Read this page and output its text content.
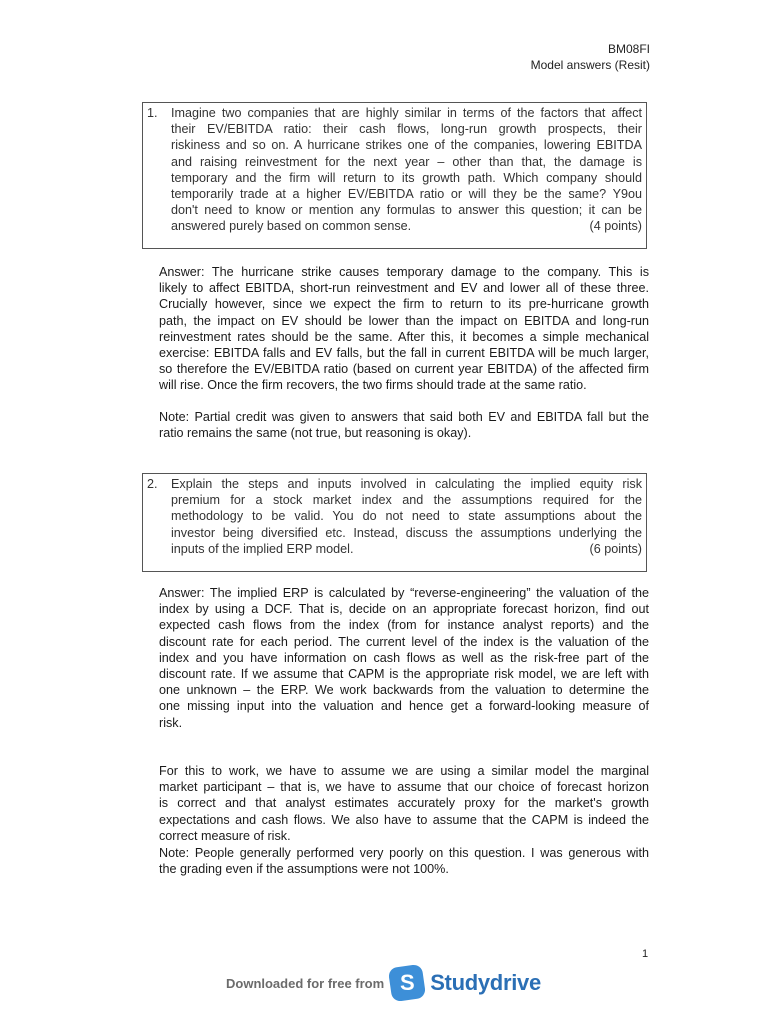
BM08FI
Model answers (Resit)
1.	Imagine two companies that are highly similar in terms of the factors that affect
their EV/EBITDA ratio: their cash flows, long-run growth prospects, their
riskiness and so on. A hurricane strikes one of the companies, lowering EBITDA
and raising reinvestment for the next year – other than that, the damage is
temporary and the firm will return to its growth path. Which company should
temporarily trade at a higher EV/EBITDA ratio or will they be the same? Y9ou
don't need to know or mention any formulas to answer this question; it can be
answered purely based on common sense.	(4 points)
Answer: The hurricane strike causes temporary damage to the company. This is
likely to affect EBITDA, short-run reinvestment and EV and lower all of these three.
Crucially however, since we expect the firm to return to its pre-hurricane growth
path, the impact on EV should be lower than the impact on EBITDA and long-run
reinvestment rates should be the same. After this, it becomes a simple mechanical
exercise: EBITDA falls and EV falls, but the fall in current EBITDA will be much larger,
so therefore the EV/EBITDA ratio (based on current year EBITDA) of the affected firm
will rise. Once the firm recovers, the two firms should trade at the same ratio.
Note: Partial credit was given to answers that said both EV and EBITDA fall but the
ratio remains the same (not true, but reasoning is okay).
2.	Explain the steps and inputs involved in calculating the implied equity risk
premium for a stock market index and the assumptions required for the
methodology to be valid. You do not need to state assumptions about the
investor being diversified etc. Instead, discuss the assumptions underlying the
inputs of the implied ERP model.	(6 points)
Answer: The implied ERP is calculated by “reverse-engineering” the valuation of the
index by using a DCF. That is, decide on an appropriate forecast horizon, find out
expected cash flows from the index (from for instance analyst reports) and the
discount rate for each period. The current level of the index is the valuation of the
index and you have information on cash flows as well as the risk-free part of the
discount rate. If we assume that CAPM is the appropriate risk model, we are left with
one unknown – the ERP. We work backwards from the valuation to determine the
one missing input into the valuation and hence get a forward-looking measure of
risk.
For this to work, we have to assume we are using a similar model the marginal
market participant – that is, we have to assume that our choice of forecast horizon
is correct and that analyst estimates accurately proxy for the market's growth
expectations and cash flows. We also have to assume that the CAPM is indeed the
correct measure of risk.
Note: People generally performed very poorly on this question. I was generous with
the grading even if the assumptions were not 100%.
1
Downloaded for free from S Studydrive
